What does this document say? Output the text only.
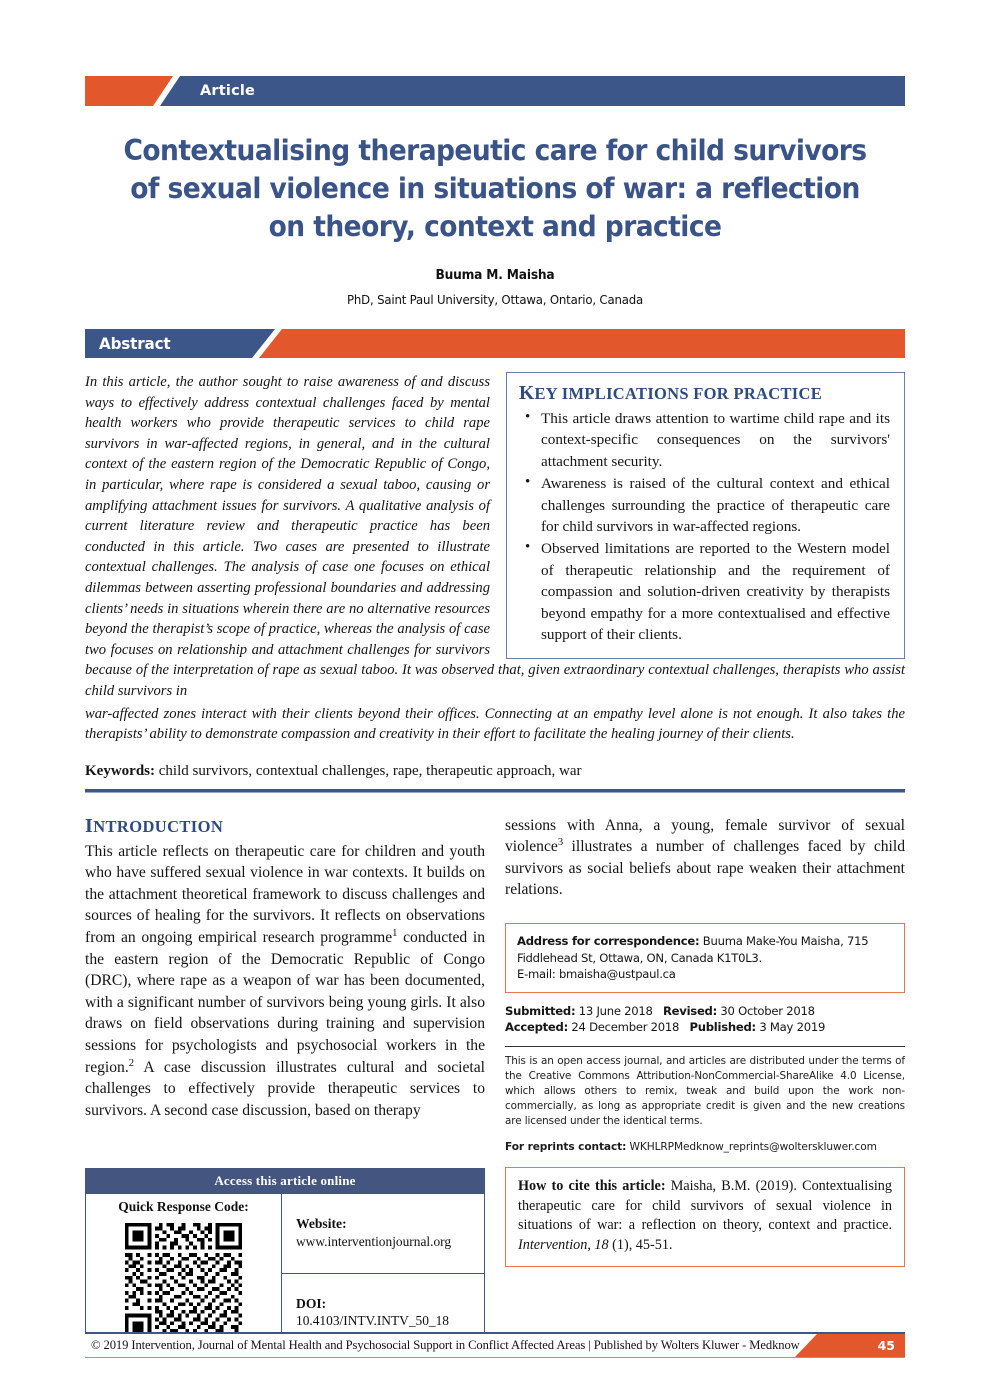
Article
Contextualising therapeutic care for child survivors of sexual violence in situations of war: a reflection on theory, context and practice
Buuma M. Maisha
PhD, Saint Paul University, Ottawa, Ontario, Canada
Abstract
KEY IMPLICATIONS FOR PRACTICE
• This article draws attention to wartime child rape and its context-specific consequences on the survivors' attachment security.
• Awareness is raised of the cultural context and ethical challenges surrounding the practice of therapeutic care for child survivors in war-affected regions.
• Observed limitations are reported to the Western model of therapeutic relationship and the requirement of compassion and solution-driven creativity by therapists beyond empathy for a more contextualised and effective support of their clients.
In this article, the author sought to raise awareness of and discuss ways to effectively address contextual challenges faced by mental health workers who provide therapeutic services to child rape survivors in war-affected regions, in general, and in the cultural context of the eastern region of the Democratic Republic of Congo, in particular, where rape is considered a sexual taboo, causing or amplifying attachment issues for survivors. A qualitative analysis of current literature review and therapeutic practice has been conducted in this article. Two cases are presented to illustrate contextual challenges. The analysis of case one focuses on ethical dilemmas between asserting professional boundaries and addressing clients’ needs in situations wherein there are no alternative resources beyond the therapist’s scope of practice, whereas the analysis of case two focuses on relationship and attachment challenges for survivors because of the interpretation of rape as sexual taboo. It was observed that, given extraordinary contextual challenges, therapists who assist child survivors in
war-affected zones interact with their clients beyond their offices. Connecting at an empathy level alone is not enough. It also takes the therapists’ ability to demonstrate compassion and creativity in their effort to facilitate the healing journey of their clients.
Keywords: child survivors, contextual challenges, rape, therapeutic approach, war
INTRODUCTION

This article reflects on therapeutic care for children and youth who have suffered sexual violence in war contexts. It builds on the attachment theoretical framework to discuss challenges and sources of healing for the survivors. It reflects on observations from an ongoing empirical research programme$^1$ conducted in the eastern region of the Democratic Republic of Congo (DRC), where rape as a weapon of war has been documented, with a significant number of survivors being young girls. It also draws on field observations during training and supervision sessions for psychologists and psychosocial workers in the region.$^2$ A case discussion illustrates cultural and societal challenges to effectively provide therapeutic services to survivors. A second case discussion, based on therapy

Access this article online
Quick Response Code:
Website:
www.interventionjournal.org
DOI:
10.4103/INTV.INTV_50_18

sessions with Anna, a young, female survivor of sexual violence$^3$ illustrates a number of challenges faced by child survivors as social beliefs about rape weaken their attachment relations.

Address for correspondence: Buuma Make-You Maisha, 715 Fiddlehead St, Ottawa, ON, Canada K1T0L3.
E-mail: bmaisha@ustpaul.ca
Submitted: 13 June 2018 Revised: 30 October 2018
Accepted: 24 December 2018 Published: 3 May 2019
This is an open access journal, and articles are distributed under the terms of the Creative Commons Attribution-NonCommercial-ShareAlike 4.0 License, which allows others to remix, tweak and build upon the work non-commercially, as long as appropriate credit is given and the new creations are licensed under the identical terms.
For reprints contact: WKHLRPMedknow_reprints@wolterskluwer.com
How to cite this article: Maisha, B.M. (2019). Contextualising therapeutic care for child survivors of sexual violence in situations of war: a reflection on theory, context and practice. Intervention, 18 (1), 45-51.
© 2019 Intervention, Journal of Mental Health and Psychosocial Support in Conflict Affected Areas | Published by Wolters Kluwer - Medknow	45
